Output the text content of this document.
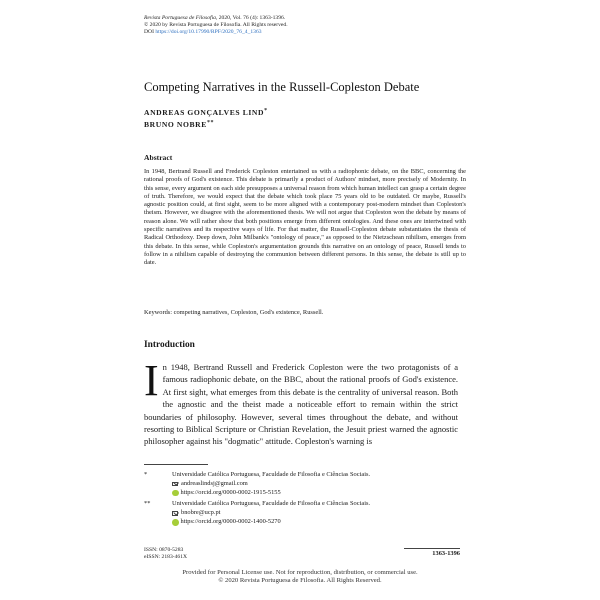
Revista Portuguesa de Filosofia, 2020, Vol. 76 (4): 1363-1396.
© 2020 by Revista Portuguesa de Filosofia. All Rights reserved.
DOI https://doi.org/10.17990/RPF/2020_76_4_1363
Competing Narratives in the Russell-Copleston Debate
ANDREAS GONÇALVES LIND*
BRUNO NOBRE**
Abstract
In 1948, Bertrand Russell and Frederick Copleston entertained us with a radiophonic debate, on the BBC, concerning the rational proofs of God's existence. This debate is primarily a product of Authors' mindset, more precisely of Modernity. In this sense, every argument on each side presupposes a universal reason from which human intellect can grasp a certain degree of truth. Therefore, we would expect that the debate which took place 75 years old to be outdated. Or maybe, Russell's agnostic position could, at first sight, seem to be more aligned with a contemporary post-modern mindset than Copleston's theism. However, we disagree with the aforementioned thesis. We will not argue that Copleston won the debate by means of reason alone. We will rather show that both positions emerge from different ontologies. And these ones are intertwined with specific narratives and its respective ways of life. For that matter, the Russell-Copleston debate substantiates the thesis of Radical Orthodoxy. Deep down, John Milbank's "ontology of peace," as opposed to the Nietzschean nihilism, emerges from this debate. In this sense, while Copleston's argumentation grounds this narrative on an ontology of peace, Russell tends to follow in a nihilism capable of destroying the communion between different persons. In this sense, the debate is still up to date.
Keywords: competing narratives, Copleston, God's existence, Russell.
Introduction
In 1948, Bertrand Russell and Frederick Copleston were the two protagonists of a famous radiophonic debate, on the BBC, about the rational proofs of God's existence. At first sight, what emerges from this debate is the centrality of universal reason. Both the agnostic and the theist made a noticeable effort to remain within the strict boundaries of philosophy. However, several times throughout the debate, and without resorting to Biblical Scripture or Christian Revelation, the Jesuit priest warned the agnostic philosopher against his "dogmatic" attitude. Copleston's warning is
*	Universidade Católica Portuguesa, Faculdade de Filosofia e Ciências Sociais.
andreaslindsj@gmail.com
https://orcid.org/0000-0002-1915-5155
**	Universidade Católica Portuguesa, Faculdade de Filosofia e Ciências Sociais.
bnobre@ucp.pt
https://orcid.org/0000-0002-1400-5270
ISSN: 0870-5283
eISSN: 2183-461X	1363-1396
Provided for Personal License use. Not for reproduction, distribution, or commercial use.
© 2020 Revista Portuguesa de Filosofia. All Rights Reserved.
